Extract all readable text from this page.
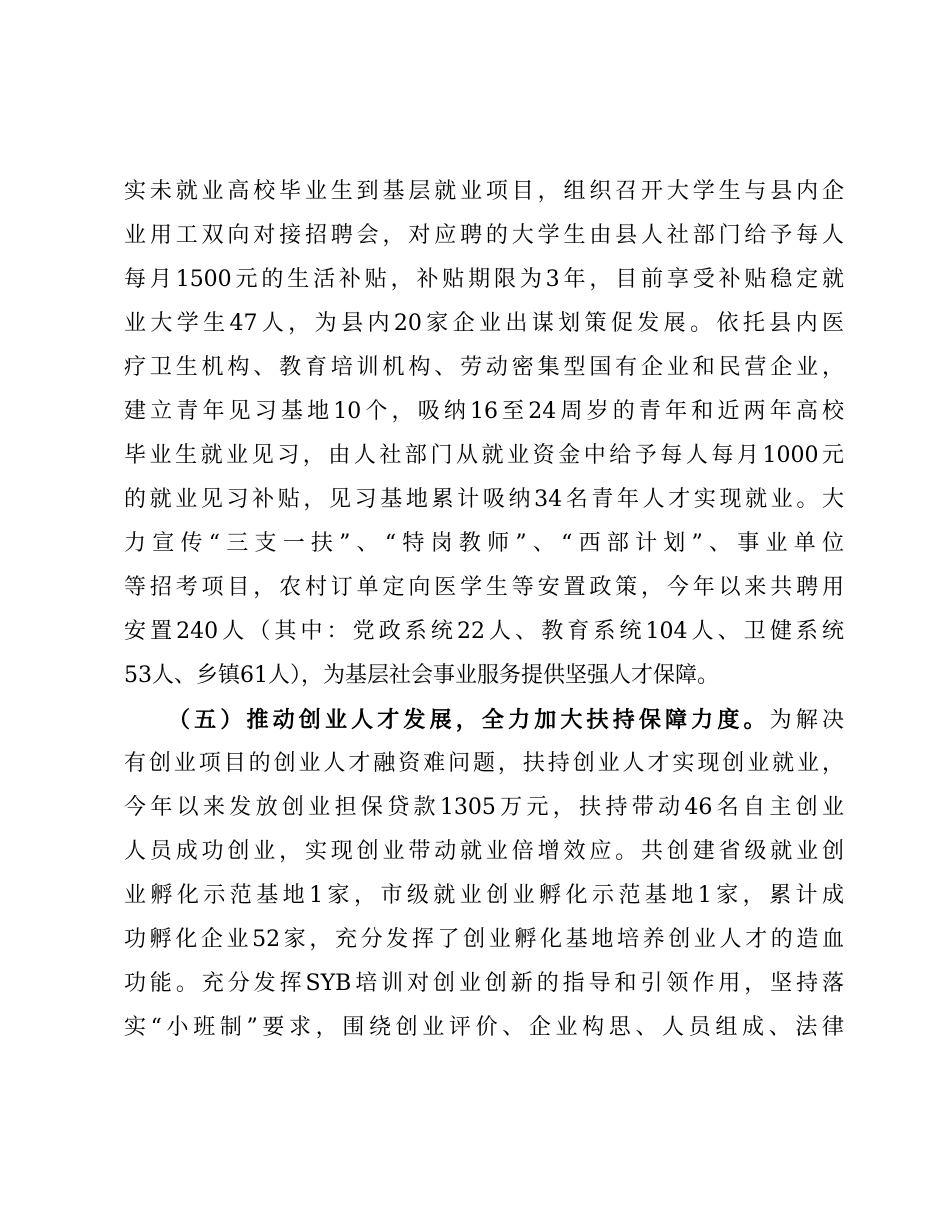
实未就业高校毕业生到基层就业项目，组织召开大学生与县内企
业用工双向对接招聘会，对应聘的大学生由县人社部门给予每人
每月1500元的生活补贴，补贴期限为3年，目前享受补贴稳定就
业大学生47人，为县内20家企业出谋划策促发展。依托县内医
疗卫生机构、教育培训机构、劳动密集型国有企业和民营企业，
建立青年见习基地10个，吸纳16至24周岁的青年和近两年高校
毕业生就业见习，由人社部门从就业资金中给予每人每月1000元
的就业见习补贴，见习基地累计吸纳34名青年人才实现就业。大
力宣传“三支一扶”、“特岗教师”、“西部计划”、事业单位
等招考项目，农村订单定向医学生等安置政策，今年以来共聘用
安置240人（其中：党政系统22人、教育系统104人、卫健系统
53人、乡镇61人），为基层社会事业服务提供坚强人才保障。
（五）推动创业人才发展，全力加大扶持保障力度。为解决
有创业项目的创业人才融资难问题，扶持创业人才实现创业就业，
今年以来发放创业担保贷款1305万元，扶持带动46名自主创业
人员成功创业，实现创业带动就业倍增效应。共创建省级就业创
业孵化示范基地1家，市级就业创业孵化示范基地1家，累计成
功孵化企业52家，充分发挥了创业孵化基地培养创业人才的造血
功能。充分发挥SYB培训对创业创新的指导和引领作用，坚持落
实“小班制”要求，围绕创业评价、企业构思、人员组成、法律
